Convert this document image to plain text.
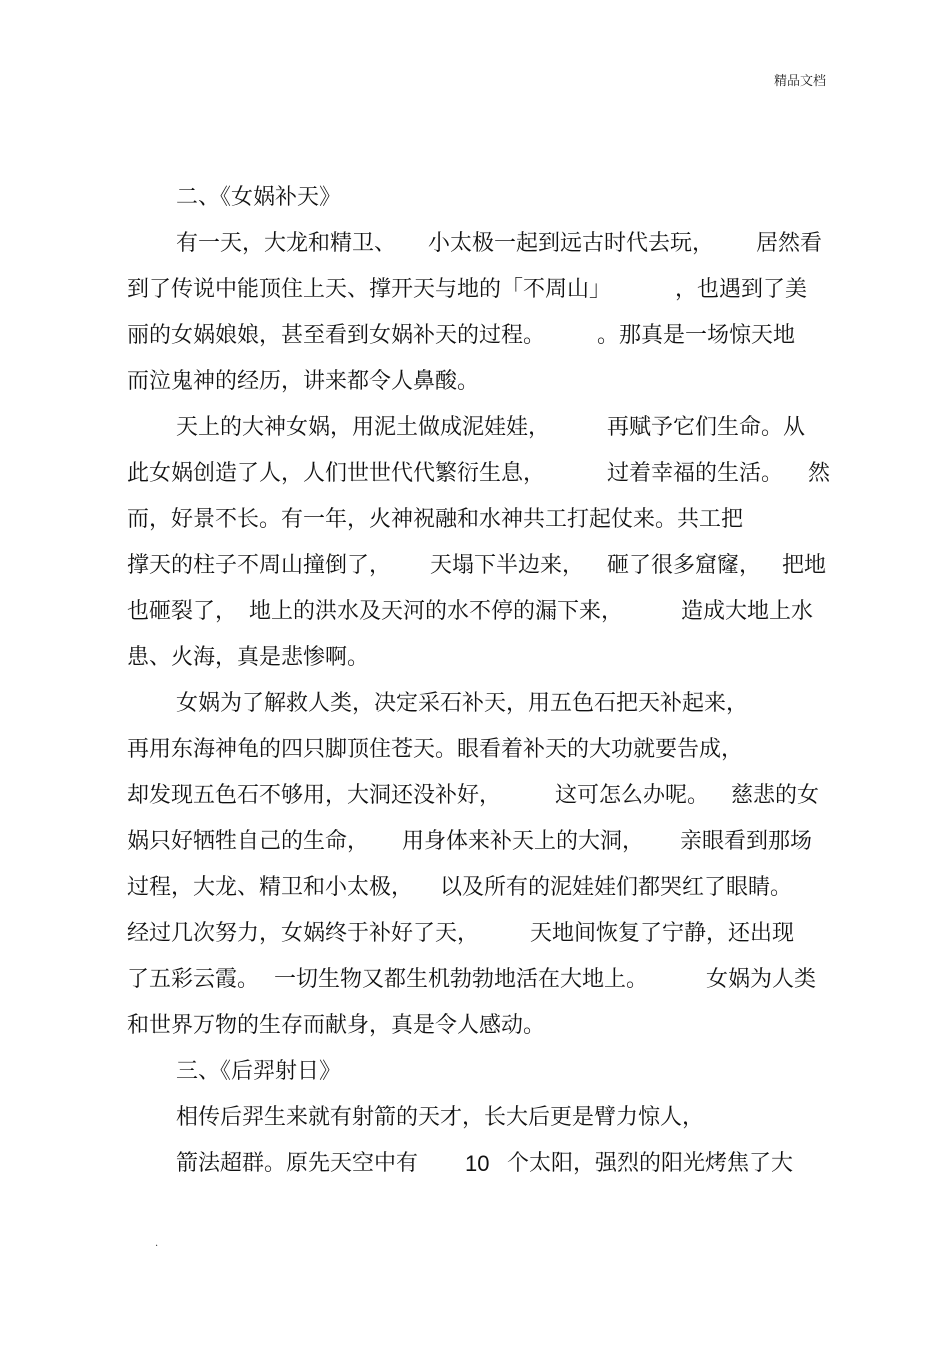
精品文档
二、《女娲补天》
有一天，大龙和精卫、 小太极一起到远古时代去玩， 居然看
到了传说中能顶住上天、撑开天与地的「不周山」	，也遇到了美
丽的女娲娘娘，甚至看到女娲补天的过程。 。那真是一场惊天地
而泣鬼神的经历，讲来都令人鼻酸。
天上的大神女娲，用泥土做成泥娃娃，	再赋予它们生命。从
此女娲创造了人，人们世世代代繁衍生息，	过着幸福的生活。 然
而，好景不长。有一年，火神祝融和水神共工打起仗来。共工把
撑天的柱子不周山撞倒了， 天塌下半边来， 砸了很多窟窿， 把地
也砸裂了， 地上的洪水及天河的水不停的漏下来，	造成大地上水
患、火海，真是悲惨啊。
女娲为了解救人类，决定采石补天，用五色石把天补起来，
再用东海神龟的四只脚顶住苍天。眼看着补天的大功就要告成，
却发现五色石不够用，大洞还没补好， 这可怎么办呢。 慈悲的女
娲只好牺牲自己的生命， 用身体来补天上的大洞， 亲眼看到那场
过程，大龙、精卫和小太极， 以及所有的泥娃娃们都哭红了眼睛。
经过几次努力，女娲终于补好了天， 天地间恢复了宁静，还出现
了五彩云霞。 一切生物又都生机勃勃地活在大地上。	女娲为人类
和世界万物的生存而献身，真是令人感动。
三、《后羿射日》
相传后羿生来就有射箭的天才，长大后更是臂力惊人，
箭法超群。原先天空中有 10 个太阳，强烈的阳光烤焦了大
.
